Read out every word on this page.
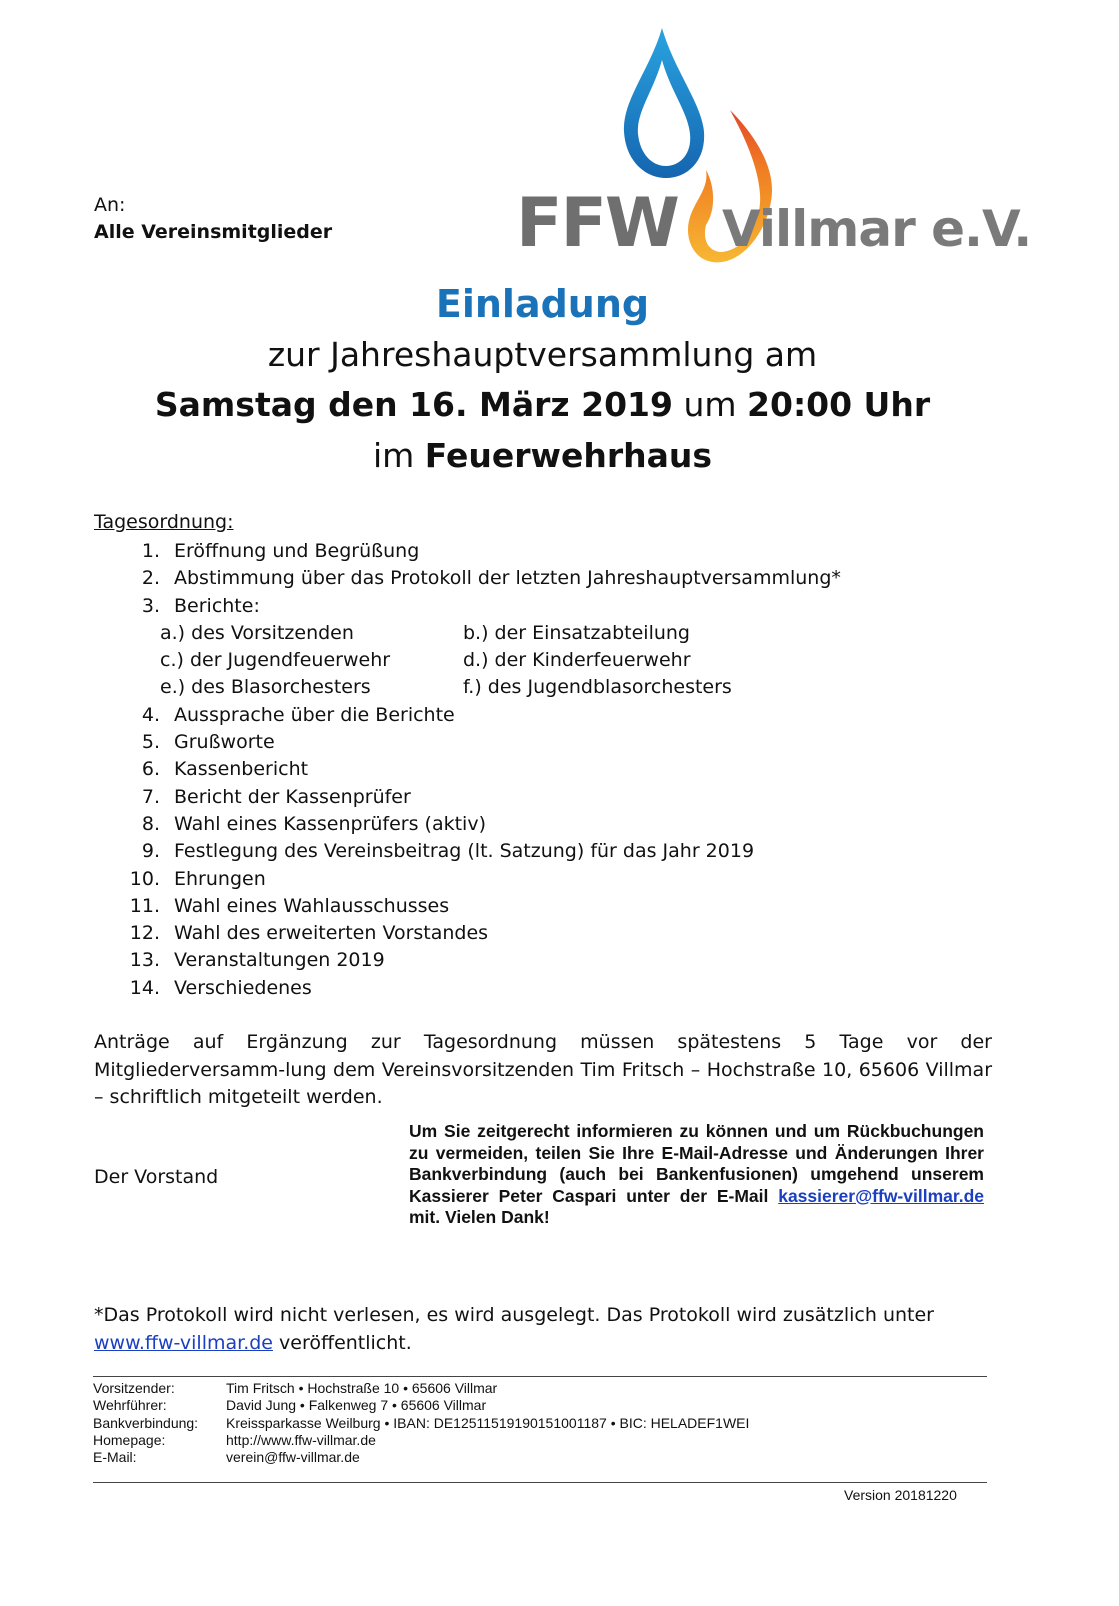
FFW Villmar e.V.
An:
Alle Vereinsmitglieder
Einladung
zur Jahreshauptversammlung am
Samstag den 16. März 2019 um 20:00 Uhr
im Feuerwehrhaus
Tagesordnung:
1. Eröffnung und Begrüßung
2. Abstimmung über das Protokoll der letzten Jahreshauptversammlung*
3. Berichte:
a.) des Vorsitzenden	b.) der Einsatzabteilung
c.) der Jugendfeuerwehr	d.) der Kinderfeuerwehr
e.) des Blasorchesters	f.) des Jugendblasorchesters
4. Aussprache über die Berichte
5. Grußworte
6. Kassenbericht
7. Bericht der Kassenprüfer
8. Wahl eines Kassenprüfers (aktiv)
9. Festlegung des Vereinsbeitrag (lt. Satzung) für das Jahr 2019
10. Ehrungen
11. Wahl eines Wahlausschusses
12. Wahl des erweiterten Vorstandes
13. Veranstaltungen 2019
14. Verschiedenes
Anträge auf Ergänzung zur Tagesordnung müssen spätestens 5 Tage vor der Mitgliederversamm-lung dem Vereinsvorsitzenden Tim Fritsch – Hochstraße 10, 65606 Villmar – schriftlich mitgeteilt werden.
Der Vorstand
Um Sie zeitgerecht informieren zu können und um Rückbuchungen zu vermeiden, teilen Sie Ihre E-Mail-Adresse und Änderungen Ihrer Bankverbindung (auch bei Bankenfusionen) umgehend unserem Kassierer Peter Caspari unter der E-Mail kassierer@ffw-villmar.de mit. Vielen Dank!
*Das Protokoll wird nicht verlesen, es wird ausgelegt. Das Protokoll wird zusätzlich unter
www.ffw-villmar.de veröffentlicht.
Vorsitzender:	Tim Fritsch • Hochstraße 10 • 65606 Villmar
Wehrführer:	David Jung • Falkenweg 7 • 65606 Villmar
Bankverbindung:	Kreissparkasse Weilburg • IBAN: DE12511519190151001187 • BIC: HELADEF1WEI
Homepage:	http://www.ffw-villmar.de
E-Mail:	verein@ffw-villmar.de
Version 20181220
